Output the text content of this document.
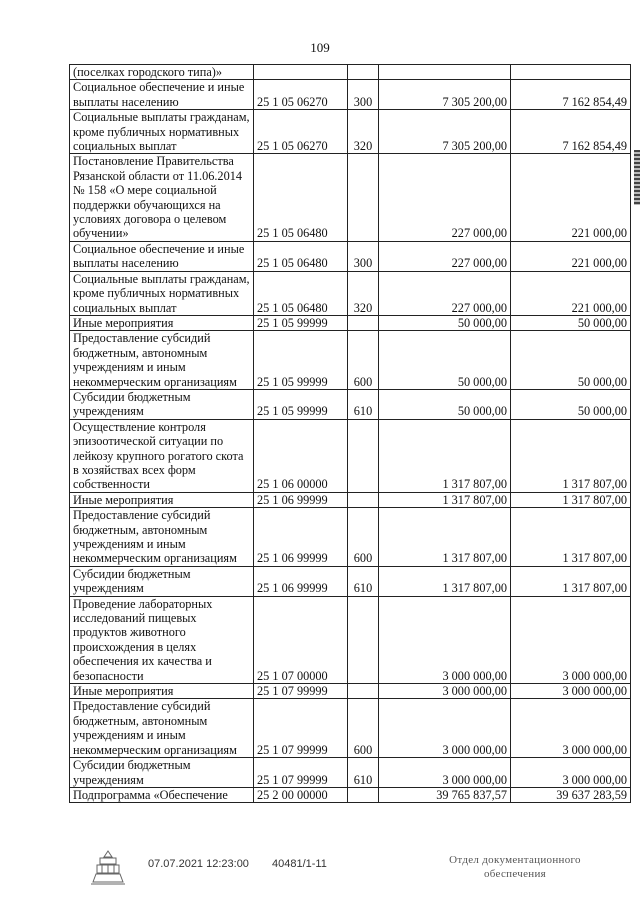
109
(поселках городского типа)»				
Социальное обеспечение и иные выплаты населению	25 1 05 06270	300	7 305 200,00	7 162 854,49
Социальные выплаты гражданам, кроме публичных нормативных социальных выплат	25 1 05 06270	320	7 305 200,00	7 162 854,49
Постановление Правительства Рязанской области от 11.06.2014 № 158 «О мере социальной поддержки обучающихся на условиях договора о целевом обучении»	25 1 05 06480		227 000,00	221 000,00
Социальное обеспечение и иные выплаты населению	25 1 05 06480	300	227 000,00	221 000,00
Социальные выплаты гражданам, кроме публичных нормативных социальных выплат	25 1 05 06480	320	227 000,00	221 000,00
Иные мероприятия	25 1 05 99999		50 000,00	50 000,00
Предоставление субсидий бюджетным, автономным учреждениям и иным некоммерческим организациям	25 1 05 99999	600	50 000,00	50 000,00
Субсидии бюджетным учреждениям	25 1 05 99999	610	50 000,00	50 000,00
Осуществление контроля эпизоотической ситуации по лейкозу крупного рогатого скота в хозяйствах всех форм собственности	25 1 06 00000		1 317 807,00	1 317 807,00
Иные мероприятия	25 1 06 99999		1 317 807,00	1 317 807,00
Предоставление субсидий бюджетным, автономным учреждениям и иным некоммерческим организациям	25 1 06 99999	600	1 317 807,00	1 317 807,00
Субсидии бюджетным учреждениям	25 1 06 99999	610	1 317 807,00	1 317 807,00
Проведение лабораторных исследований пищевых продуктов животного происхождения в целях обеспечения их качества и безопасности	25 1 07 00000		3 000 000,00	3 000 000,00
Иные мероприятия	25 1 07 99999		3 000 000,00	3 000 000,00
Предоставление субсидий бюджетным, автономным учреждениям и иным некоммерческим организациям	25 1 07 99999	600	3 000 000,00	3 000 000,00
Субсидии бюджетным учреждениям	25 1 07 99999	610	3 000 000,00	3 000 000,00
Подпрограмма «Обеспечение	25 2 00 00000		39 765 837,57	39 637 283,59
07.07.2021 12:23:00 40481/1-11	Отдел документационного
обеспечения
